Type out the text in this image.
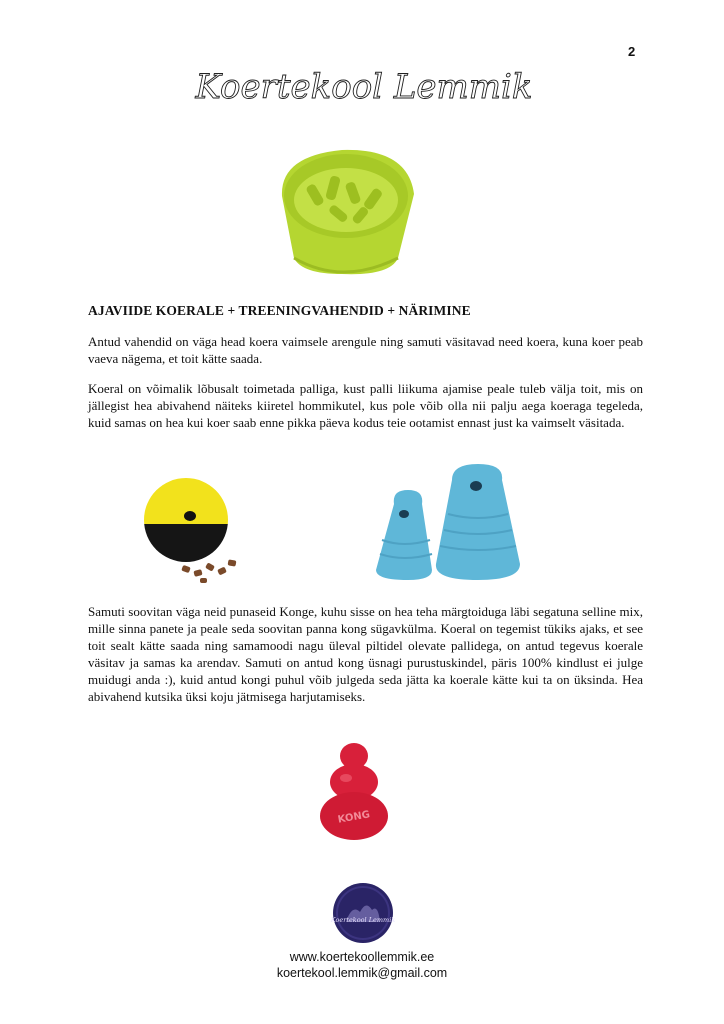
2
Koertekool Lemmik
AJAVIIDE KOERALE + TREENINGVAHENDID + NÄRIMINE
Antud vahendid on väga head koera vaimsele arengule ning samuti väsitavad need koera, kuna koer peab vaeva nägema, et toit kätte saada.
Koeral on võimalik lõbusalt toimetada palliga, kust palli liikuma ajamise peale tuleb välja toit, mis on jällegist hea abivahend näiteks kiiretel hommikutel, kus pole võib olla nii palju aega koeraga tegeleda, kuid samas on hea kui koer saab enne pikka päeva kodus teie ootamist ennast just ka vaimselt väsitada.
Samuti soovitan väga neid punaseid Konge, kuhu sisse on hea teha märgtoiduga läbi segatuna selline mix, mille sinna panete ja peale seda soovitan panna kong sügavkülma. Koeral on tegemist tükiks ajaks, et see toit sealt kätte saada ning samamoodi nagu üleval piltidel olevate pallidega, on antud tegevus koerale väsitav ja samas ka arendav. Samuti on antud kong üsnagi purustuskindel, päris 100% kindlust ei julge muidugi anda :), kuid antud kongi puhul võib julgeda seda jätta ka koerale kätte kui ta on üksinda. Hea abivahend kutsika üksi koju jätmisega harjutamiseks.
KONG
Koertekool Lemmik
www.koertekoollemmik.ee
koertekool.lemmik@gmail.com
